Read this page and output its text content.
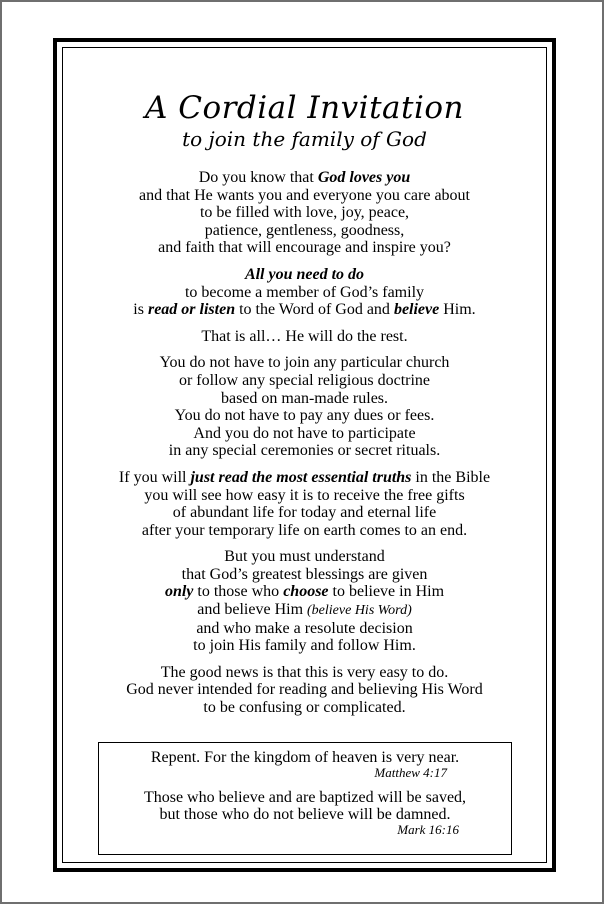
A Cordial Invitation
to join the family of God
Do you know that God loves you
and that He wants you and everyone you care about
to be filled with love, joy, peace,
patience, gentleness, goodness,
and faith that will encourage and inspire you?
All you need to do
to become a member of God’s family
is read or listen to the Word of God and believe Him.
That is all… He will do the rest.
You do not have to join any particular church
or follow any special religious doctrine
based on man-made rules.
You do not have to pay any dues or fees.
And you do not have to participate
in any special ceremonies or secret rituals.
If you will just read the most essential truths in the Bible
you will see how easy it is to receive the free gifts
of abundant life for today and eternal life
after your temporary life on earth comes to an end.
But you must understand
that God’s greatest blessings are given
only to those who choose to believe in Him
and believe Him (believe His Word)
and who make a resolute decision
to join His family and follow Him.
The good news is that this is very easy to do.
God never intended for reading and believing His Word
to be confusing or complicated.
Repent. For the kingdom of heaven is very near.
Matthew 4:17
Those who believe and are baptized will be saved,
but those who do not believe will be damned.
Mark 16:16
